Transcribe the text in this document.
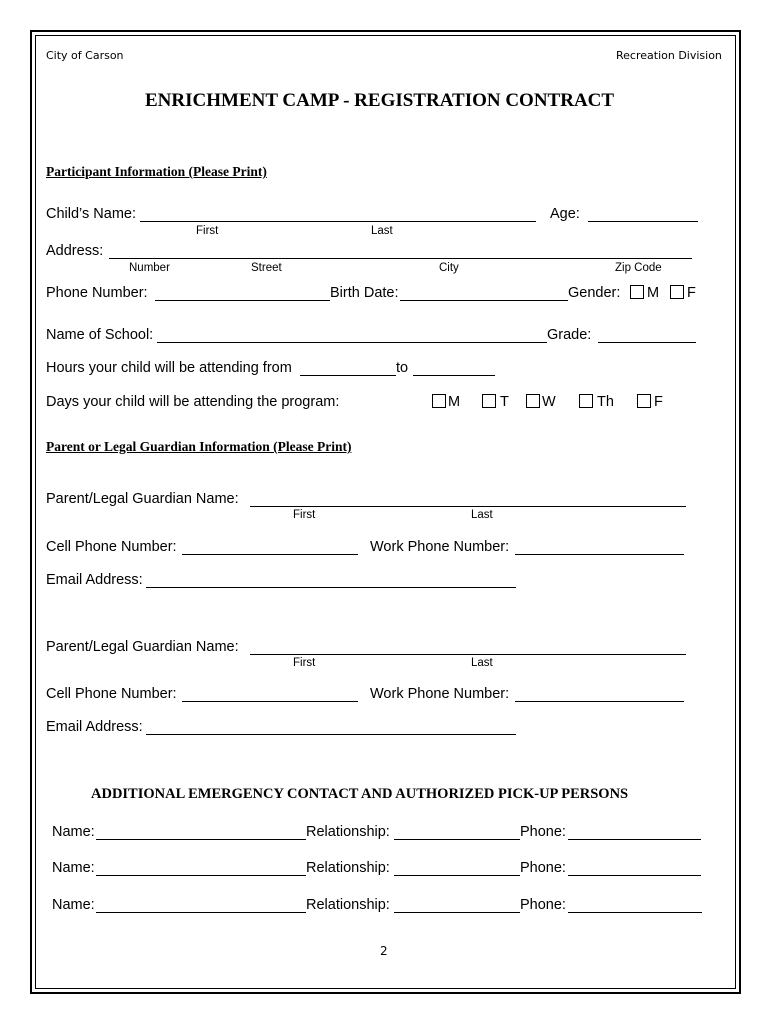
City of Carson	Recreation Division
ENRICHMENT CAMP - REGISTRATION CONTRACT
Participant Information (Please Print)
Child’s Name:
First	Last
Age:
Address:
Number	Street	City	Zip Code
Phone Number:	Birth Date:	Gender: M F
Name of School:	Grade:
Hours your child will be attending from	to
Days your child will be attending the program:	M	T W	Th	F
Parent or Legal Guardian Information (Please Print)
Parent/Legal Guardian Name:
First	Last
Cell Phone Number:	Work Phone Number:
Email Address:
Parent/Legal Guardian Name:
First	Last
Cell Phone Number:	Work Phone Number:
Email Address:
ADDITIONAL EMERGENCY CONTACT AND AUTHORIZED PICK-UP PERSONS
Name:	Relationship:	Phone:
Name:	Relationship:	Phone:
Name:	Relationship:	Phone:
2
